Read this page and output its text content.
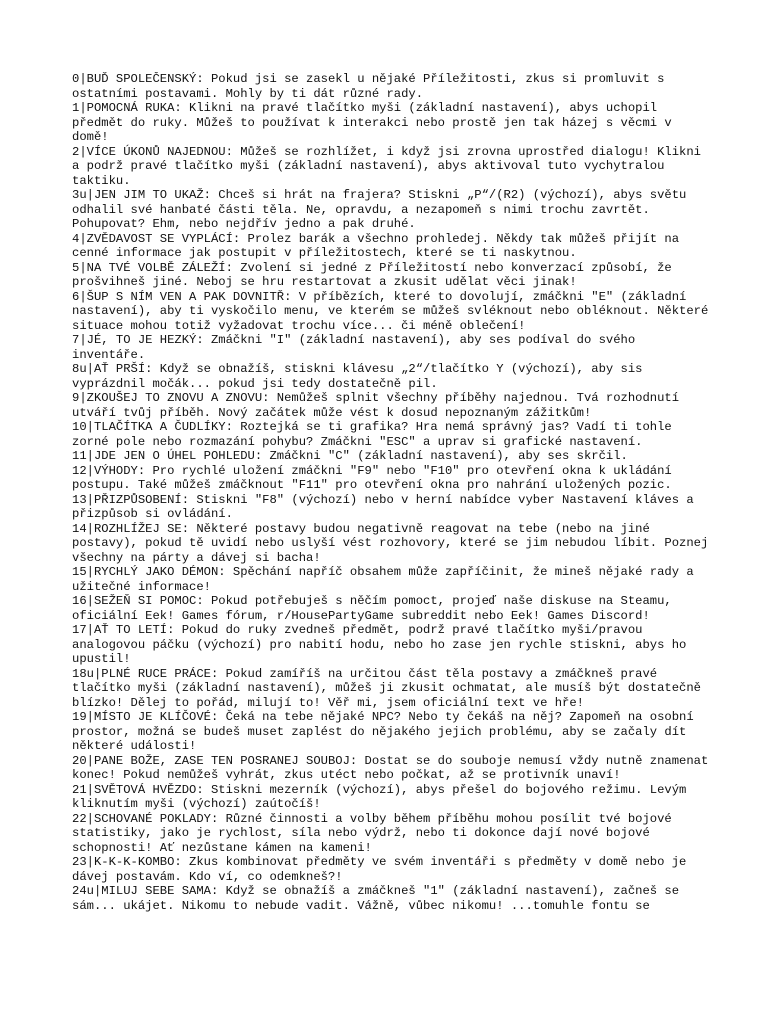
0|BUĎ SPOLEČENSKÝ: Pokud jsi se zasekl u nějaké Příležitosti, zkus si promluvit s ostatními postavami. Mohly by ti dát různé rady.

1|POMOCNÁ RUKA: Klikni na pravé tlačítko myši (základní nastavení), abys uchopil předmět do ruky. Můžeš to používat k interakci nebo prostě jen tak házej s věcmi v domě!

2|VÍCE ÚKONŮ NAJEDNOU: Můžeš se rozhlížet, i když jsi zrovna uprostřed dialogu! Klikni a podrž pravé tlačítko myši (základní nastavení), abys aktivoval tuto vychytralou taktiku.

3u|JEN JIM TO UKAŽ: Chceš si hrát na frajera? Stiskni „P“/(R2) (výchozí), abys světu odhalil své hanbaté části těla. Ne, opravdu, a nezapomeň s nimi trochu zavrtět. Pohupovat? Ehm, nebo nejdřív jedno a pak druhé.

4|ZVĚDAVOST SE VYPLÁCÍ: Prolez barák a všechno prohledej. Někdy tak můžeš přijít na cenné informace jak postupit v příležitostech, které se ti naskytnou.

5|NA TVÉ VOLBĚ ZÁLEŽÍ: Zvolení si jedné z Příležitostí nebo konverzací způsobí, že prošvihneš jiné. Neboj se hru restartovat a zkusit udělat věci jinak!

6|ŠUP S NÍM VEN A PAK DOVNITŘ: V příbězích, které to dovolují, zmáčkni "E" (základní nastavení), aby ti vyskočilo menu, ve kterém se můžeš svléknout nebo obléknout. Některé situace mohou totiž vyžadovat trochu více... či méně oblečení!

7|JÉ, TO JE HEZKÝ: Zmáčkni "I" (základní nastavení), aby ses podíval do svého inventáře.

8u|AŤ PRŠÍ: Když se obnažíš, stiskni klávesu „2“/tlačítko Y (výchozí), aby sis vyprázdnil močák... pokud jsi tedy dostatečně pil.

9|ZKOUŠEJ TO ZNOVU A ZNOVU: Nemůžeš splnit všechny příběhy najednou. Tvá rozhodnutí utváří tvůj příběh. Nový začátek může vést k dosud nepoznaným zážitkům!

10|TLAČÍTKA A ČUDLÍKY: Roztejká se ti grafika? Hra nemá správný jas? Vadí ti tohle zorné pole nebo rozmazání pohybu? Zmáčkni "ESC" a uprav si grafické nastavení.

11|JDE JEN O ÚHEL POHLEDU: Zmáčkni "C" (základní nastavení), aby ses skrčil.

12|VÝHODY: Pro rychlé uložení zmáčkni "F9" nebo "F10" pro otevření okna k ukládání postupu. Také můžeš zmáčknout "F11" pro otevření okna pro nahrání uložených pozic.

13|PŘIZPŮSOBENÍ: Stiskni "F8" (výchozí) nebo v herní nabídce vyber Nastavení kláves a přizpůsob si ovládání.

14|ROZHLÍŽEJ SE: Některé postavy budou negativně reagovat na tebe (nebo na jiné postavy), pokud tě uvidí nebo uslyší vést rozhovory, které se jim nebudou líbit. Poznej všechny na párty a dávej si bacha!

15|RYCHLÝ JAKO DÉMON: Spěchání napříč obsahem může zapříčinit, že mineš nějaké rady a užitečné informace!

16|SEŽEŇ SI POMOC: Pokud potřebuješ s něčím pomoct, projeď naše diskuse na Steamu, oficiální Eek! Games fórum, r/HousePartyGame subreddit nebo Eek! Games Discord!

17|AŤ TO LETÍ: Pokud do ruky zvedneš předmět, podrž pravé tlačítko myši/pravou analogovou páčku (výchozí) pro nabití hodu, nebo ho zase jen rychle stiskni, abys ho upustil!

18u|PLNÉ RUCE PRÁCE: Pokud zamíříš na určitou část těla postavy a zmáčkneš pravé tlačítko myši (základní nastavení), můžeš ji zkusit ochmatat, ale musíš být dostatečně blízko! Dělej to pořád, milují to! Věř mi, jsem oficiální text ve hře!

19|MÍSTO JE KLÍČOVÉ: Čeká na tebe nějaké NPC? Nebo ty čekáš na něj? Zapomeň na osobní prostor, možná se budeš muset zaplést do nějakého jejich problému, aby se začaly dít některé události!

20|PANE BOŽE, ZASE TEN POSRANEJ SOUBOJ: Dostat se do souboje nemusí vždy nutně znamenat konec! Pokud nemůžeš vyhrát, zkus utéct nebo počkat, až se protivník unaví!

21|SVĚTOVÁ HVĚZDO: Stiskni mezerník (výchozí), abys přešel do bojového režimu. Levým kliknutím myši (výchozí) zaútočíš!

22|SCHOVANÉ POKLADY: Různé činnosti a volby během příběhu mohou posílit tvé bojové statistiky, jako je rychlost, síla nebo výdrž, nebo ti dokonce dají nové bojové schopnosti! Ať nezůstane kámen na kameni!

23|K-K-K-KOMBO: Zkus kombinovat předměty ve svém inventáři s předměty v domě nebo je dávej postavám. Kdo ví, co odemkneš?!

24u|MILUJ SEBE SAMA: Když se obnažíš a zmáčkneš "1" (základní nastavení), začneš se sám... ukájet. Nikomu to nebude vadit. Vážně, vůbec nikomu! ...tomuhle fontu se
